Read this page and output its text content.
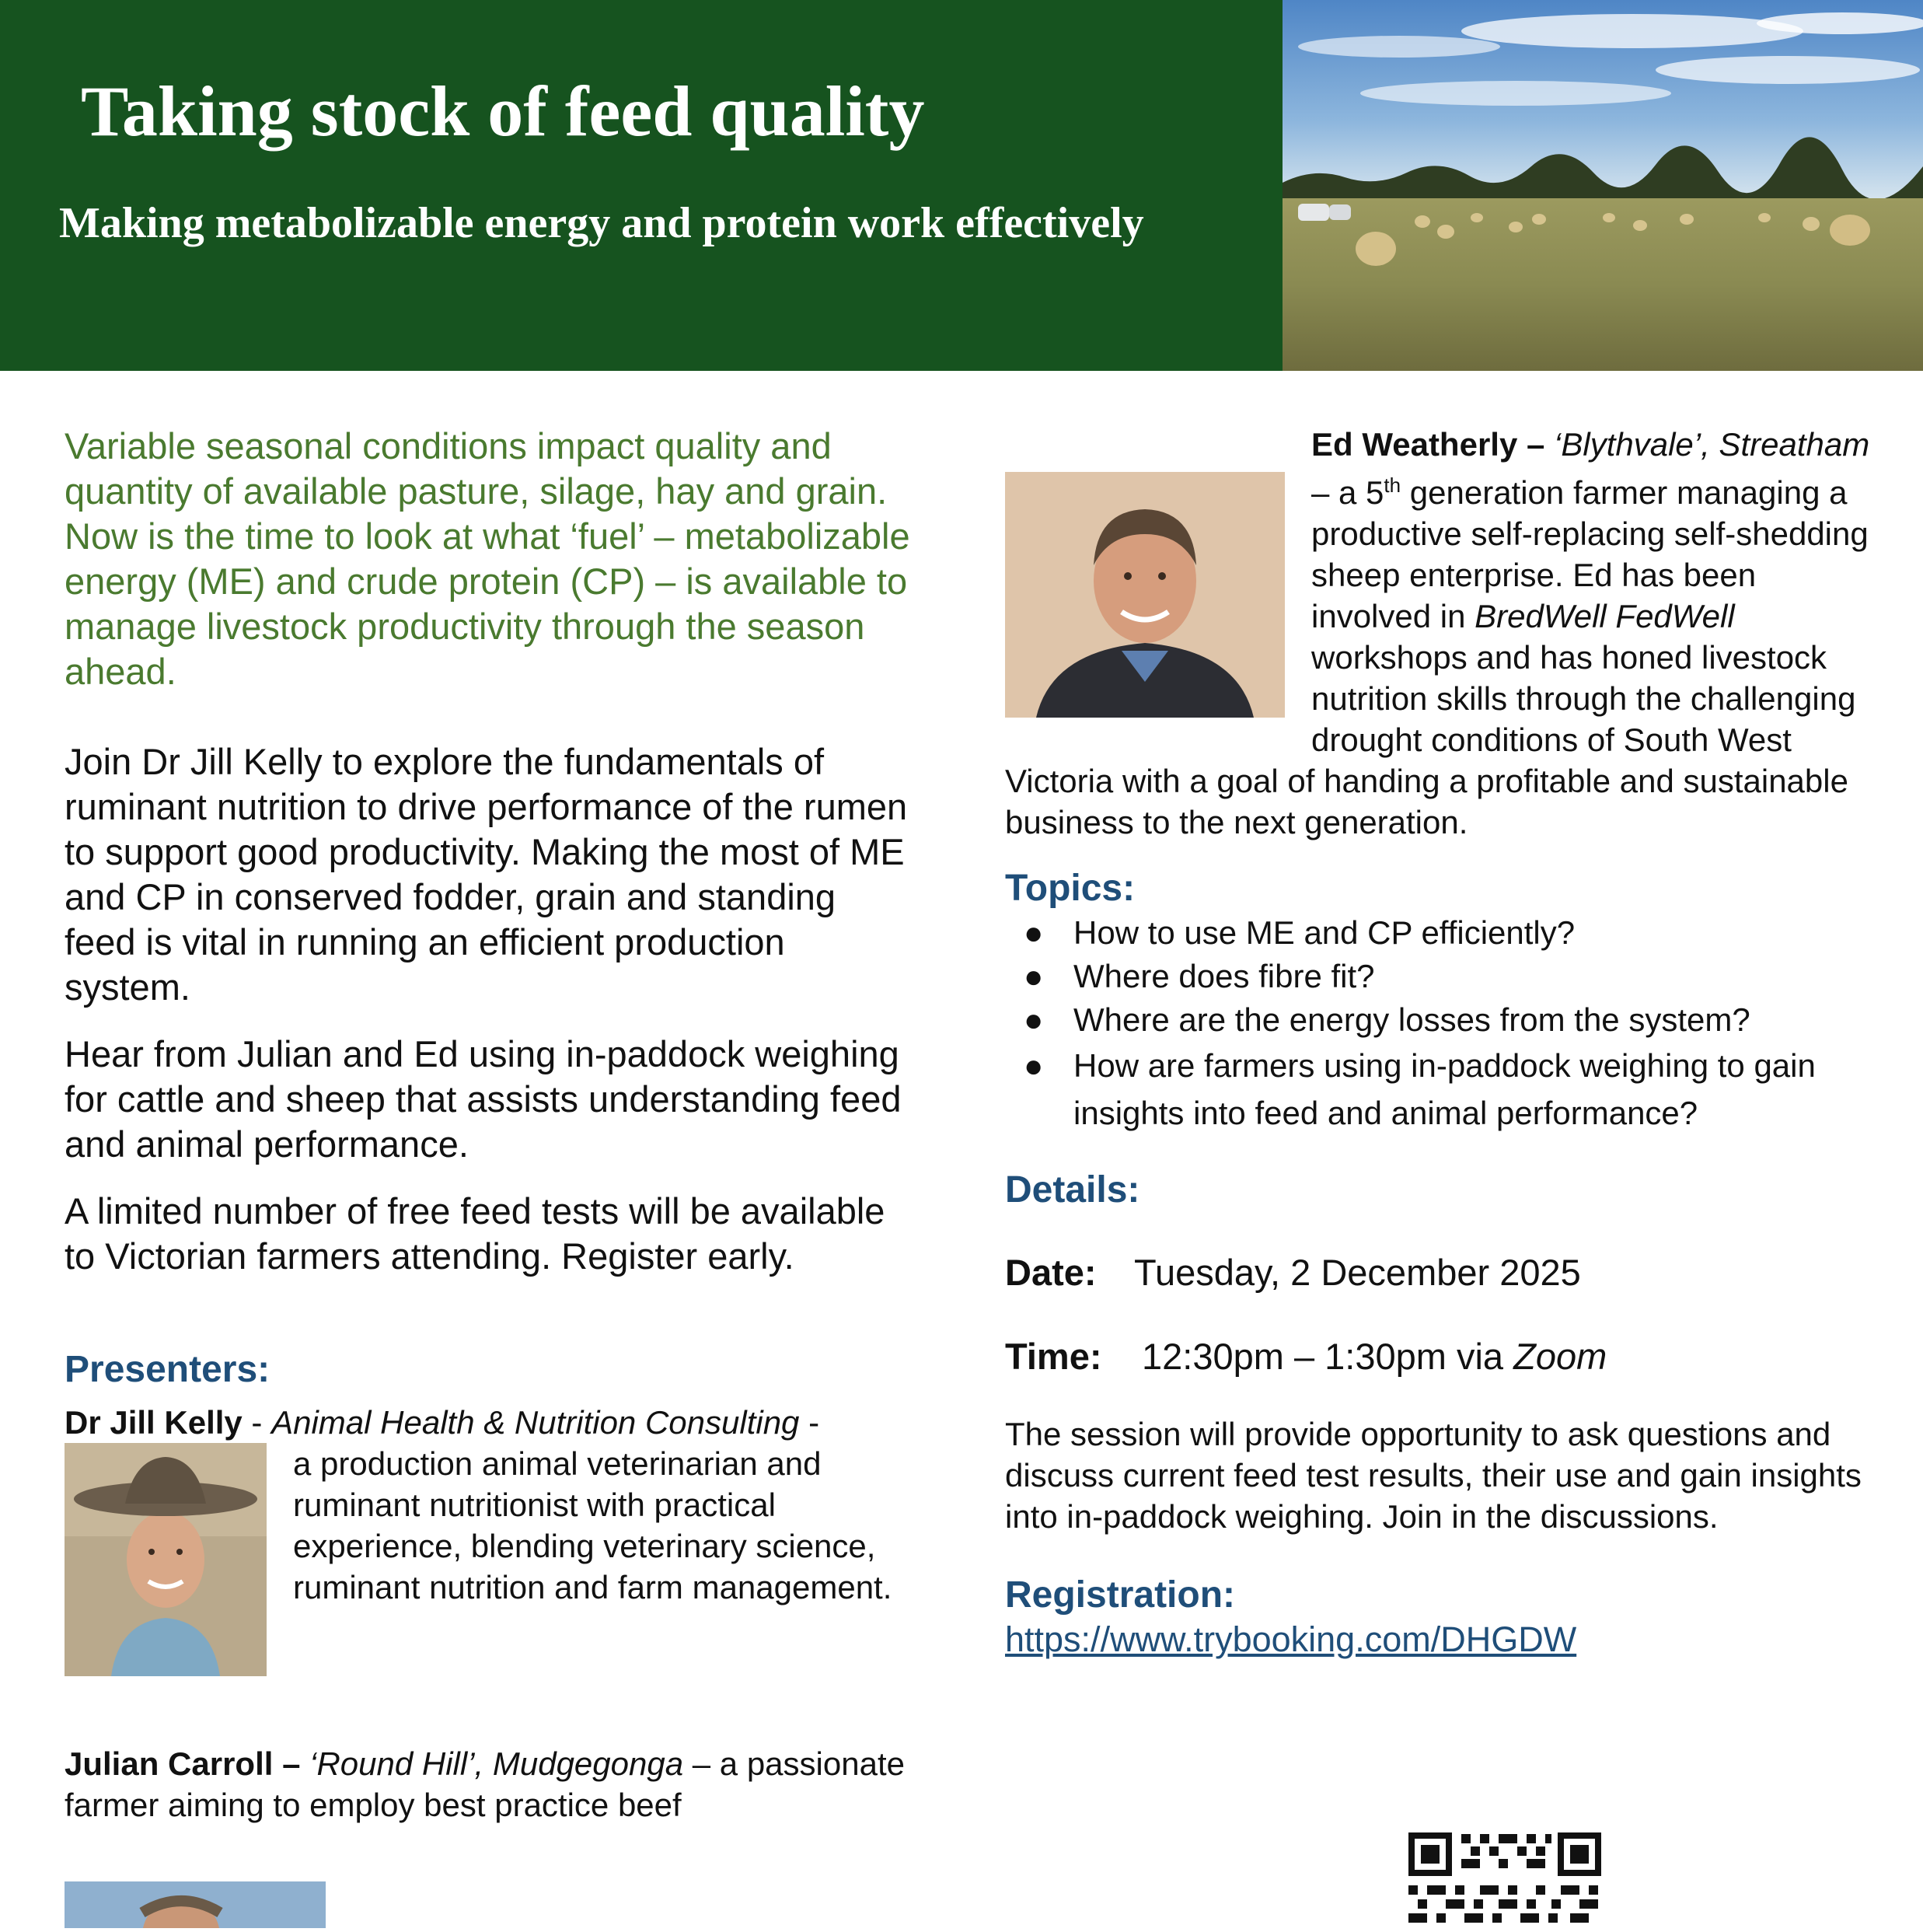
Taking stock of feed quality
Making metabolizable energy and protein work effectively

Variable seasonal conditions impact quality and quantity of available pasture, silage, hay and grain. Now is the time to look at what ‘fuel’ – metabolizable energy (ME) and crude protein (CP) – is available to manage livestock productivity through the season ahead.

Join Dr Jill Kelly to explore the fundamentals of ruminant nutrition to drive performance of the rumen to support good productivity. Making the most of ME and CP in conserved fodder, grain and standing feed is vital in running an efficient production system.

Hear from Julian and Ed using in-paddock weighing for cattle and sheep that assists understanding feed and animal performance.

A limited number of free feed tests will be available to Victorian farmers attending. Register early.

Presenters:
Dr Jill Kelly - Animal Health & Nutrition Consulting -
a production animal veterinarian and ruminant nutritionist with practical experience, blending veterinary science, ruminant nutrition and farm management.
Julian Carroll – ‘Round Hill’, Mudgegonga – a passionate farmer aiming to employ best practice beef
Ed Weatherly – ‘Blythvale’, Streatham – a 5th generation farmer managing a productive self-replacing self-shedding sheep enterprise. Ed has been involved in BredWell FedWell workshops and has honed livestock nutrition skills through the challenging drought conditions of South West Victoria with a goal of handing a profitable and sustainable business to the next generation.
Topics:
● How to use ME and CP efficiently?
● Where does fibre fit?
● Where are the energy losses from the system?
● How are farmers using in-paddock weighing to gain insights into feed and animal performance?
Details:

Date: Tuesday, 2 December 2025

Time: 12:30pm – 1:30pm via Zoom

The session will provide opportunity to ask questions and discuss current feed test results, their use and gain insights into in-paddock weighing. Join in the discussions.

Registration:
https://www.trybooking.com/DHGDW
